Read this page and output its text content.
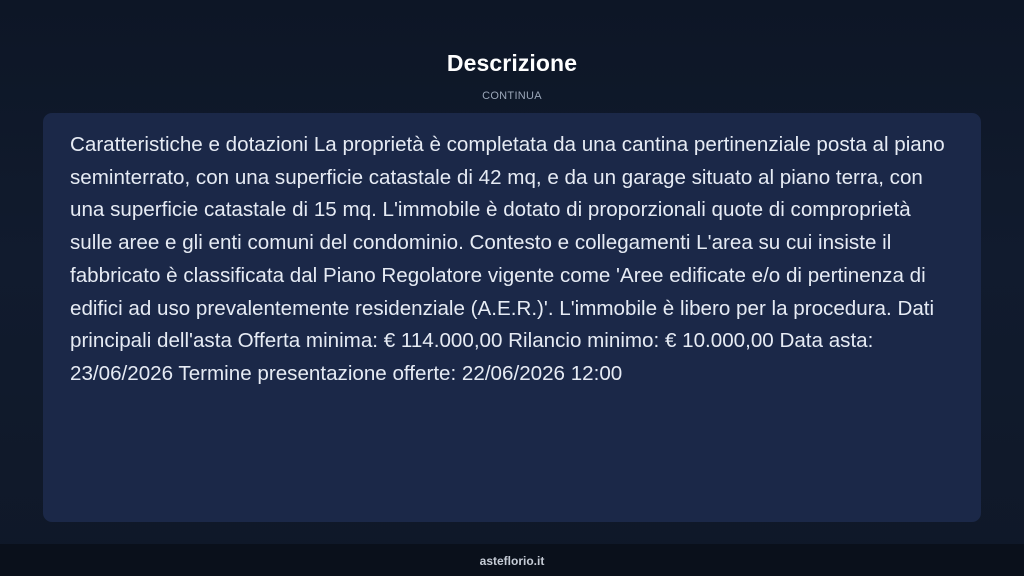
Descrizione
CONTINUA

Caratteristiche e dotazioni La proprietà è completata da una cantina pertinenziale posta al piano seminterrato, con una superficie catastale di 42 mq, e da un garage situato al piano terra, con una superficie catastale di 15 mq. L'immobile è dotato di proporzionali quote di comproprietà sulle aree e gli enti comuni del condominio. Contesto e collegamenti L'area su cui insiste il fabbricato è classificata dal Piano Regolatore vigente come 'Aree edificate e/o di pertinenza di edifici ad uso prevalentemente residenziale (A.E.R.)'. L'immobile è libero per la procedura. Dati principali dell'asta Offerta minima: € 114.000,00 Rilancio minimo: € 10.000,00 Data asta: 23/06/2026 Termine presentazione offerte: 22/06/2026 12:00

asteflorio.it
